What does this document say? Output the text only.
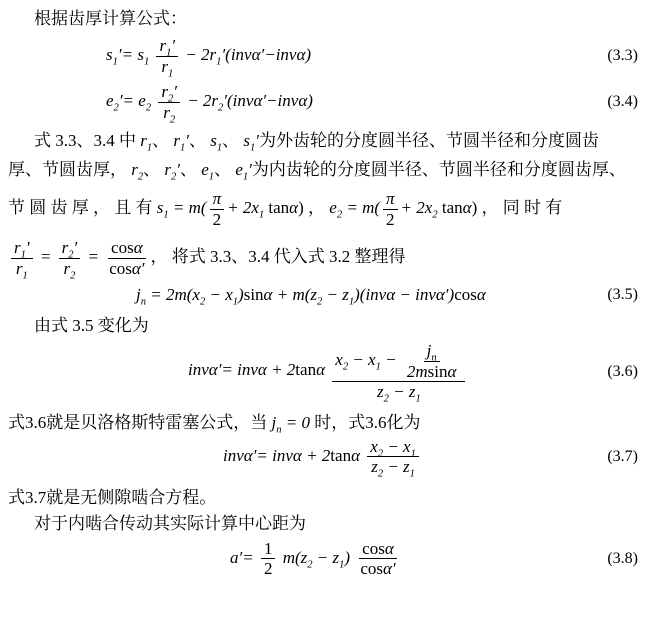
根据齿厚计算公式：

$s_1'= s_1 \frac{r_1'}{r_1} - 2r_1'(inv\alpha'-inv\alpha)$	(3.3)
$e_2'= e_2 \frac{r_2'}{r_2} - 2r_2'(inv\alpha'-inv\alpha)$	(3.4)
式 3.3、3.4 中 $r_1$、 $r_1'$、 $s_1$、 $s_1'$为外齿轮的分度圆半径、节圆半径和分度圆齿
厚、节圆齿厚， $r_2$、 $r_2'$、 $e_1$、 $e_1'$为内齿轮的分度圆半径、节圆半径和分度圆齿厚、
节 圆 齿 厚 ， 且 有 $s_1 = m( \frac{\pi}{2} + 2x_1$ tanα) ， $e_2 = m( \frac{\pi}{2} + 2x_2$ tanα) ， 同 时 有
$\frac{r_1'}{r_1} = \frac{r_2'}{r_2} = \frac{\cos\alpha}{\cos\alpha'}$ ， 将式 3.3、3.4 代入式 3.2 整理得
$j_n = 2m(x_2 - x_1)\sin\alpha + m(z_2 - z_1)(inv\alpha - inv\alpha')\cos\alpha$	(3.5)

由式 3.5 变化为

$inv\alpha'= inv\alpha + 2\tan\alpha \frac{x_2 - x_1 - \frac{j_n}{2msin\alpha}}{z_2 - z_1}$	(3.6)
式3.6就是贝洛格斯特雷塞公式，当 $j_n = 0$ 时，式3.6化为
$inv\alpha'= inv\alpha + 2\tan\alpha \frac{x_2 - x_1}{z_2 - z_1}$	(3.7)

式3.7就是无侧隙啮合方程。

对于内啮合传动其实际计算中心距为

$a'= \frac{1}{2} m(z_2 - z_1) \frac{\cos\alpha}{\cos\alpha'}$	(3.8)
